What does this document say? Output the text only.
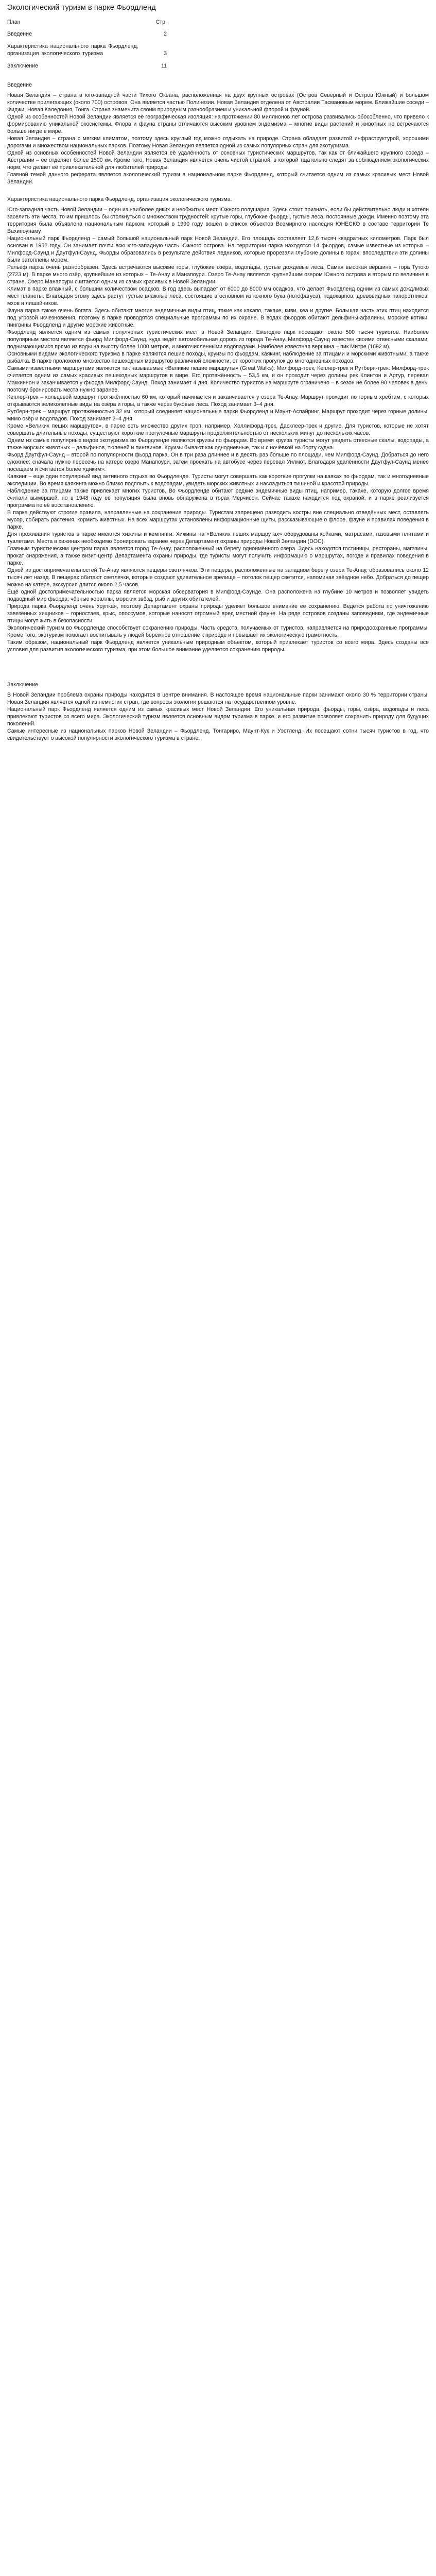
Экологический туризм в парке Фьордленд
План	Стр.
Введение	2
Характеристика национального парка Фьордленд, организация экологического туризма	3
Заключение	11
Введение

Новая Зеландия – страна в юго-западной части Тихого Океана, расположенная на двух крупных островах (Остров Северный и Остров Южный) и большом количестве прилегающих (около 700) островов. Она является частью Полинезии. Новая Зеландия отделена от Австралии Тасмановым морем. Ближайшие соседи – Фиджи, Новая Каледония, Тонга. Страна знаменита своим природным разнообразием и уникальной флорой и фауной.

Одной из особенностей Новой Зеландии является её географическая изоляция: на протяжении 80 миллионов лет острова развивались обособленно, что привело к формированию уникальной экосистемы. Флора и фауна страны отличаются высоким уровнем эндемизма – многие виды растений и животных не встречаются больше нигде в мире.

Новая Зеландия – страна с мягким климатом, поэтому здесь круглый год можно отдыхать на природе. Страна обладает развитой инфраструктурой, хорошими дорогами и множеством национальных парков. Поэтому Новая Зеландия является одной из самых популярных стран для экотуризма.

Одной из основных особенностей Новой Зеландии является её удалённость от основных туристических маршрутов, так как от ближайшего крупного соседа – Австралии – её отделяет более 1500 км. Кроме того, Новая Зеландия является очень чистой страной, в которой тщательно следят за соблюдением экологических норм, что делает её привлекательной для любителей природы.

Главной темой данного реферата является экологический туризм в национальном парке Фьордленд, который считается одним из самых красивых мест Новой Зеландии.

Характеристика национального парка Фьордленд, организация экологического туризма.

Юго-западная часть Новой Зеландии – один из наиболее диких и необжитых мест Южного полушария. Здесь стоит признать, если бы действительно люди и хотели заселить эти места, то им пришлось бы столкнуться с множеством трудностей: крутые горы, глубокие фьорды, густые леса, постоянные дожди. Именно поэтому эта территория была объявлена национальным парком, который в 1990 году вошёл в список объектов Всемирного наследия ЮНЕСКО в составе территории Те Вахипоунаму.

Национальный парк Фьордленд – самый большой национальный парк Новой Зеландии. Его площадь составляет 12,6 тысяч квадратных километров. Парк был основан в 1952 году. Он занимает почти всю юго-западную часть Южного острова. На территории парка находятся 14 фьордов, самые известные из которых – Милфорд-Саунд и Даутфул-Саунд. Фьорды образовались в результате действия ледников, которые прорезали глубокие долины в горах; впоследствии эти долины были затоплены морем.

Рельеф парка очень разнообразен. Здесь встречаются высокие горы, глубокие озёра, водопады, густые дождевые леса. Самая высокая вершина – гора Тутоко (2723 м). В парке много озёр, крупнейшие из которых – Те-Анау и Манапоури. Озеро Те-Анау является крупнейшим озером Южного острова и вторым по величине в стране. Озеро Манапоури считается одним из самых красивых в Новой Зеландии.

Климат в парке влажный, с большим количеством осадков. В год здесь выпадает от 6000 до 8000 мм осадков, что делает Фьордленд одним из самых дождливых мест планеты. Благодаря этому здесь растут густые влажные леса, состоящие в основном из южного бука (нотофагуса), подокарпов, древовидных папоротников, мхов и лишайников.

Фауна парка также очень богата. Здесь обитают многие эндемичные виды птиц, такие как какапо, такахе, киви, кеа и другие. Большая часть этих птиц находится под угрозой исчезновения, поэтому в парке проводятся специальные программы по их охране. В водах фьордов обитают дельфины-афалины, морские котики, пингвины Фьордленд и другие морские животные.

Фьордленд является одним из самых популярных туристических мест в Новой Зеландии. Ежегодно парк посещают около 500 тысяч туристов. Наиболее популярным местом является фьорд Милфорд-Саунд, куда ведёт автомобильная дорога из города Те-Анау. Милфорд-Саунд известен своими отвесными скалами, поднимающимися прямо из воды на высоту более 1000 метров, и многочисленными водопадами. Наиболее известная вершина – пик Митре (1692 м).

Основными видами экологического туризма в парке являются пешие походы, круизы по фьордам, каякинг, наблюдение за птицами и морскими животными, а также рыбалка. В парке проложено множество пешеходных маршрутов различной сложности, от коротких прогулок до многодневных походов.

Самыми известными маршрутами являются так называемые «Великие пешие маршруты» (Great Walks): Милфорд-трек, Кеплер-трек и Рутберн-трек. Милфорд-трек считается одним из самых красивых пешеходных маршрутов в мире. Его протяжённость – 53,5 км, и он проходит через долины рек Клинтон и Артур, перевал Маккиннон и заканчивается у фьорда Милфорд-Саунд. Поход занимает 4 дня. Количество туристов на маршруте ограничено – в сезон не более 90 человек в день, поэтому бронировать места нужно заранее.

Кеплер-трек – кольцевой маршрут протяжённостью 60 км, который начинается и заканчивается у озера Те-Анау. Маршрут проходит по горным хребтам, с которых открываются великолепные виды на озёра и горы, а также через буковые леса. Поход занимает 3–4 дня.

Рутберн-трек – маршрут протяжённостью 32 км, который соединяет национальные парки Фьордленд и Маунт-Аспайринг. Маршрут проходит через горные долины, мимо озёр и водопадов. Поход занимает 2–4 дня.

Кроме «Великих пеших маршрутов», в парке есть множество других троп, например, Холлифорд-трек, Дасклеер-трек и другие. Для туристов, которые не хотят совершать длительные походы, существуют короткие прогулочные маршруты продолжительностью от нескольких минут до нескольких часов.

Одним из самых популярных видов экотуризма во Фьордленде являются круизы по фьордам. Во время круиза туристы могут увидеть отвесные скалы, водопады, а также морских животных – дельфинов, тюленей и пингвинов. Круизы бывают как однодневные, так и с ночёвкой на борту судна.

Фьорд Даутфул-Саунд – второй по популярности фьорд парка. Он в три раза длиннее и в десять раз больше по площади, чем Милфорд-Саунд. Добраться до него сложнее: сначала нужно пересечь на катере озеро Манапоури, затем проехать на автобусе через перевал Уилмот. Благодаря удалённости Даутфул-Саунд менее посещаем и считается более «диким».

Каякинг – ещё один популярный вид активного отдыха во Фьордленде. Туристы могут совершать как короткие прогулки на каяках по фьордам, так и многодневные экспедиции. Во время каякинга можно близко подплыть к водопадам, увидеть морских животных и насладиться тишиной и красотой природы.

Наблюдение за птицами также привлекает многих туристов. Во Фьордленде обитают редкие эндемичные виды птиц, например, такахе, которую долгое время считали вымершей, но в 1948 году её популяция была вновь обнаружена в горах Мерчисон. Сейчас такахе находится под охраной, и в парке реализуется программа по её восстановлению.

В парке действуют строгие правила, направленные на сохранение природы. Туристам запрещено разводить костры вне специально отведённых мест, оставлять мусор, собирать растения, кормить животных. На всех маршрутах установлены информационные щиты, рассказывающие о флоре, фауне и правилах поведения в парке.

Для проживания туристов в парке имеются хижины и кемпинги. Хижины на «Великих пеших маршрутах» оборудованы койками, матрасами, газовыми плитами и туалетами. Места в хижинах необходимо бронировать заранее через Департамент охраны природы Новой Зеландии (DOC).

Главным туристическим центром парка является город Те-Анау, расположенный на берегу одноимённого озера. Здесь находятся гостиницы, рестораны, магазины, прокат снаряжения, а также визит-центр Департамента охраны природы, где туристы могут получить информацию о маршрутах, погоде и правилах поведения в парке.

Одной из достопримечательностей Те-Анау являются пещеры светлячков. Эти пещеры, расположенные на западном берегу озера Те-Анау, образовались около 12 тысяч лет назад. В пещерах обитают светлячки, которые создают удивительное зрелище – потолок пещер светится, напоминая звёздное небо. Добраться до пещер можно на катере, экскурсия длится около 2,5 часов.

Ещё одной достопримечательностью парка является морская обсерватория в Милфорд-Саунде. Она расположена на глубине 10 метров и позволяет увидеть подводный мир фьорда: чёрные кораллы, морских звёзд, рыб и других обитателей.

Природа парка Фьордленд очень хрупкая, поэтому Департамент охраны природы уделяет большое внимание её сохранению. Ведётся работа по уничтожению завезённых хищников – горностаев, крыс, опоссумов, которые наносят огромный вред местной фауне. На ряде островов созданы заповедники, где эндемичные птицы могут жить в безопасности.

Экологический туризм во Фьордленде способствует сохранению природы. Часть средств, получаемых от туристов, направляется на природоохранные программы. Кроме того, экотуризм помогает воспитывать у людей бережное отношение к природе и повышает их экологическую грамотность.

Таким образом, национальный парк Фьордленд является уникальным природным объектом, который привлекает туристов со всего мира. Здесь созданы все условия для развития экологического туризма, при этом большое внимание уделяется сохранению природы.

Заключение

В Новой Зеландии проблема охраны природы находится в центре внимания. В настоящее время национальные парки занимают около 30 % территории страны. Новая Зеландия является одной из немногих стран, где вопросы экологии решаются на государственном уровне.

Национальный парк Фьордленд является одним из самых красивых мест Новой Зеландии. Его уникальная природа, фьорды, горы, озёра, водопады и леса привлекают туристов со всего мира. Экологический туризм является основным видом туризма в парке, и его развитие позволяет сохранить природу для будущих поколений.

Самые интересные из национальных парков Новой Зеландии – Фьордленд, Тонгариро, Маунт-Кук и Уэстленд. Их посещают сотни тысяч туристов в год, что свидетельствует о высокой популярности экологического туризма в стране.
